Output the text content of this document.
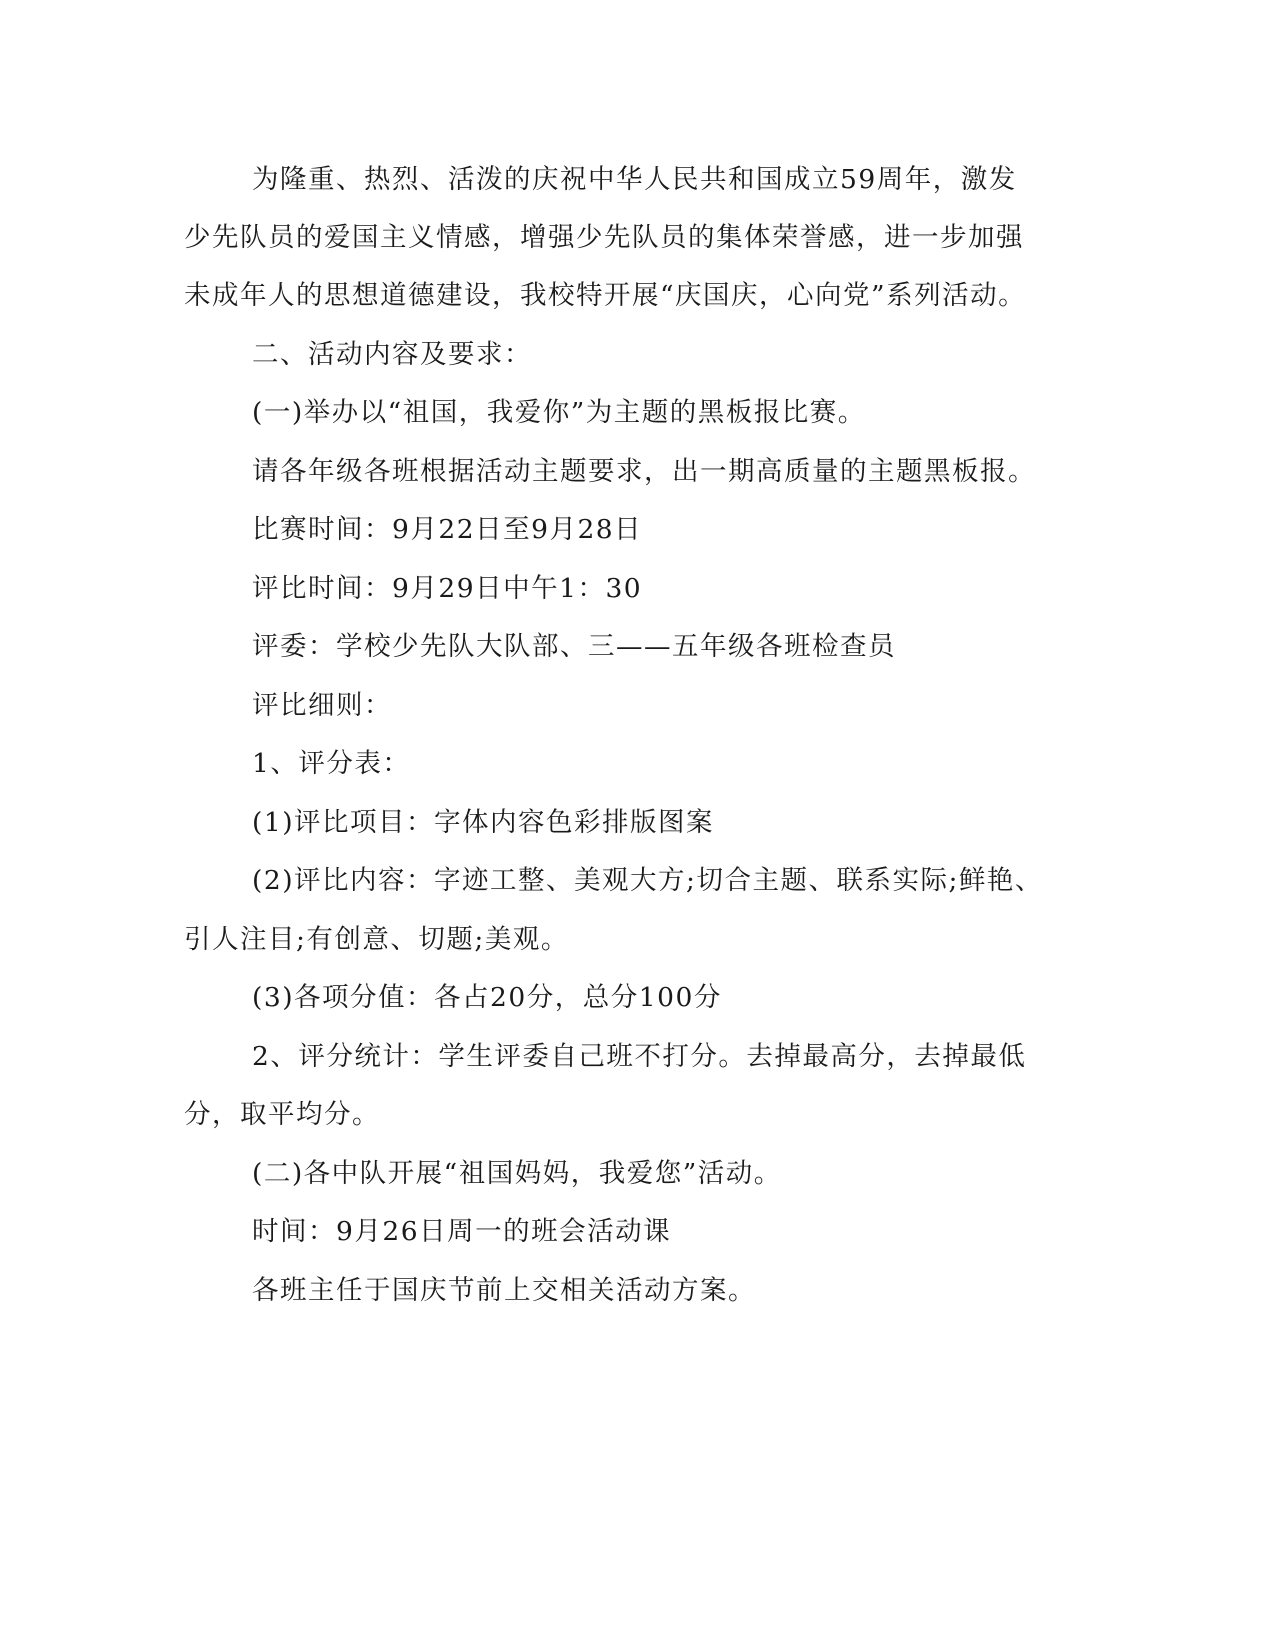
为隆重、热烈、活泼的庆祝中华人民共和国成立59周年，激发
少先队员的爱国主义情感，增强少先队员的集体荣誉感，进一步加强
未成年人的思想道德建设，我校特开展“庆国庆，心向党”系列活动。
二、活动内容及要求：
(一)举办以“祖国，我爱你”为主题的黑板报比赛。
请各年级各班根据活动主题要求，出一期高质量的主题黑板报。
比赛时间：9月22日至9月28日
评比时间：9月29日中午1：30
评委：学校少先队大队部、三——五年级各班检查员
评比细则：
1、评分表：
(1)评比项目：字体内容色彩排版图案
(2)评比内容：字迹工整、美观大方;切合主题、联系实际;鲜艳、
引人注目;有创意、切题;美观。
(3)各项分值：各占20分，总分100分
2、评分统计：学生评委自己班不打分。去掉最高分，去掉最低
分，取平均分。
(二)各中队开展“祖国妈妈，我爱您”活动。
时间：9月26日周一的班会活动课
各班主任于国庆节前上交相关活动方案。
